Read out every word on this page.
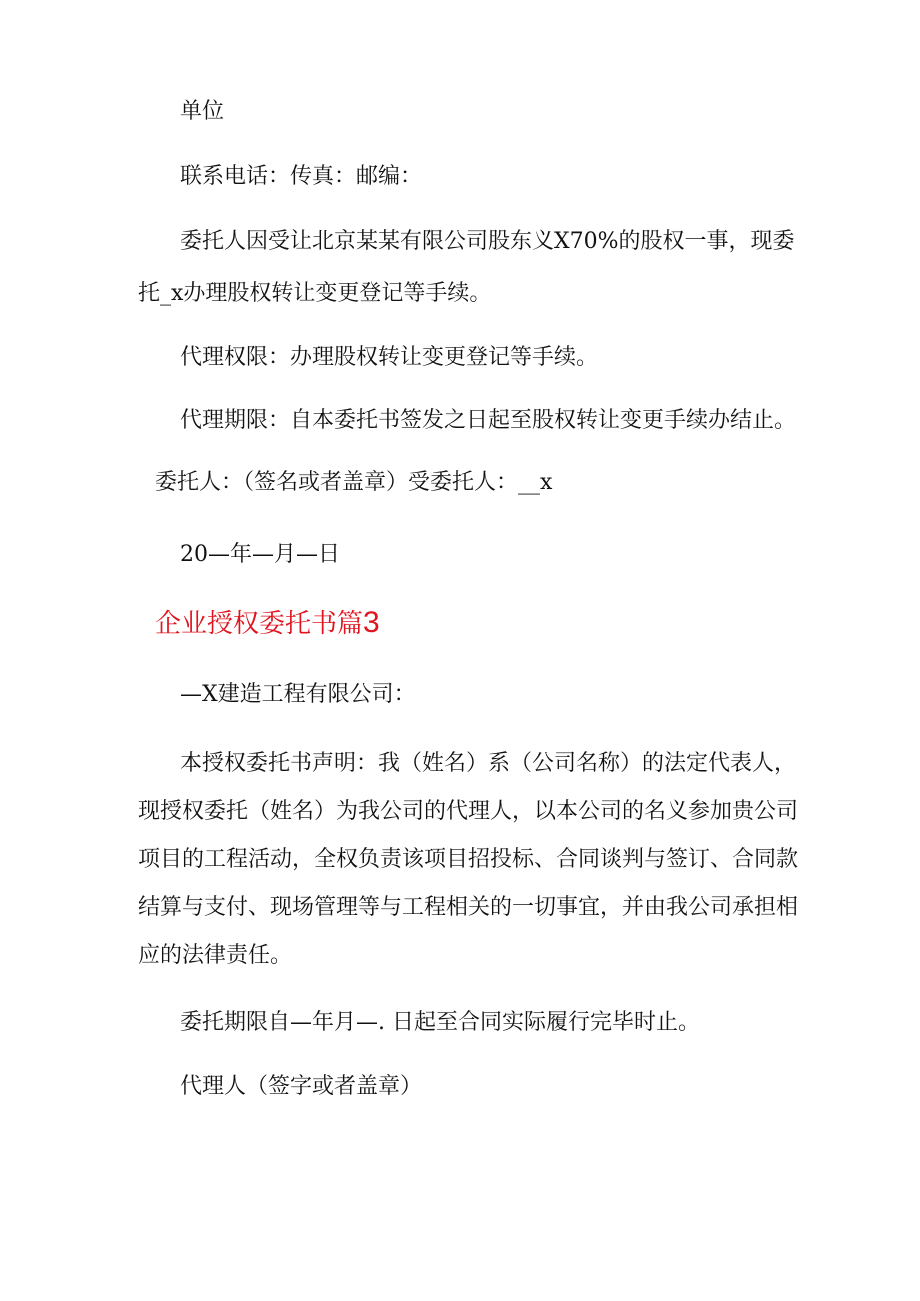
单位
联系电话：传真：邮编：
委托人因受让北京某某有限公司股东义X70%的股权一事，现委
托_x办理股权转让变更登记等手续。
代理权限：办理股权转让变更登记等手续。
代理期限：自本委托书签发之日起至股权转让变更手续办结止。
委托人：（签名或者盖章）受委托人：__x
20—年—月—日
企业授权委托书篇3
—X建造工程有限公司：
本授权委托书声明：我（姓名）系（公司名称）的法定代表人，
现授权委托（姓名）为我公司的代理人，以本公司的名义参加贵公司
项目的工程活动，全权负责该项目招投标、合同谈判与签订、合同款
结算与支付、现场管理等与工程相关的一切事宜，并由我公司承担相
应的法律责任。
委托期限自—年月—. 日起至合同实际履行完毕时止。
代理人（签字或者盖章）
